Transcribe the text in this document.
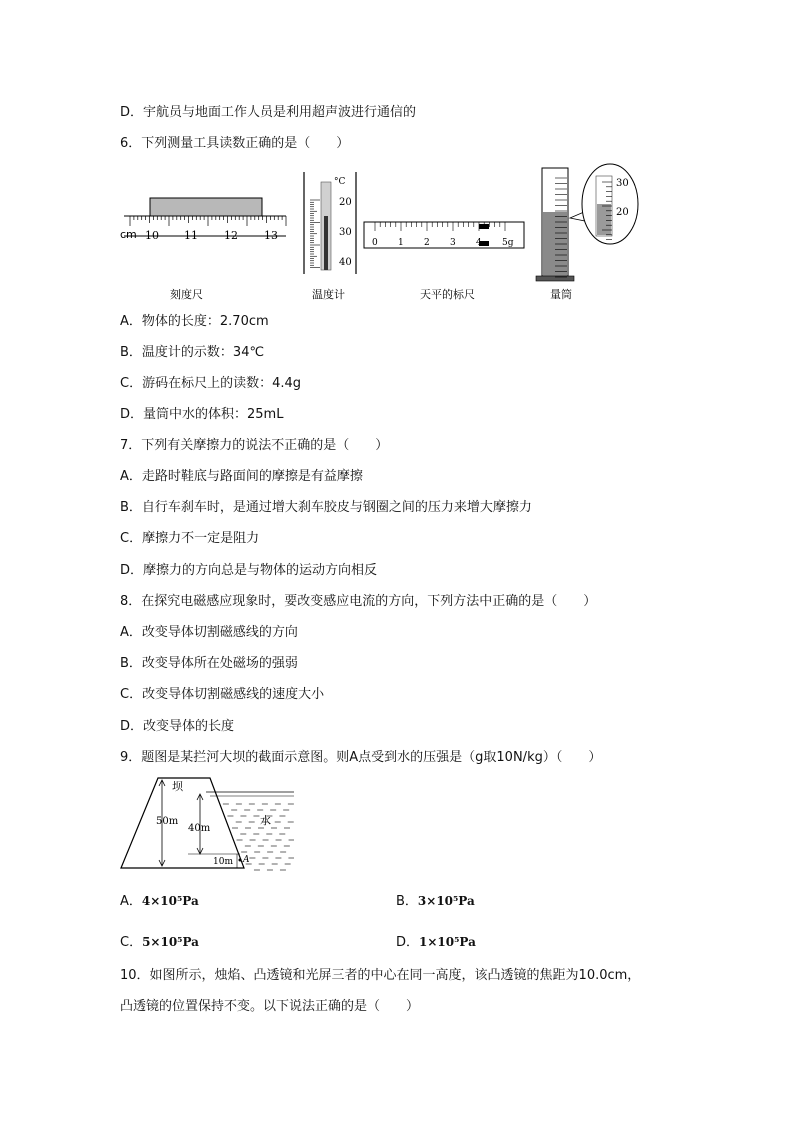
D．宇航员与地面工作人员是利用超声波进行通信的
6．下列测量工具读数正确的是（　　）
cm 10 11 12 13
刻度尺
°C
20
30
40
温度计
0 1 2 3 4 5g
天平的标尺
30
20
量筒
A．物体的长度：2.70cm
B．温度计的示数：34℃
C．游码在标尺上的读数：4.4g
D．量筒中水的体积：25mL
7．下列有关摩擦力的说法不正确的是（　　）
A．走路时鞋底与路面间的摩擦是有益摩擦
B．自行车刹车时，是通过增大刹车胶皮与钢圈之间的压力来增大摩擦力
C．摩擦力不一定是阻力
D．摩擦力的方向总是与物体的运动方向相反
8．在探究电磁感应现象时，要改变感应电流的方向，下列方法中正确的是（　　）
A．改变导体切割磁感线的方向
B．改变导体所在处磁场的强弱
C．改变导体切割磁感线的速度大小
D．改变导体的长度
9．题图是某拦河大坝的截面示意图。则A点受到水的压强是（g取10N/kg）（　　）
坝
水
50m
40m
10m A
A．4×10⁵Pa	B．3×10⁵Pa
C．5×10⁵Pa	D．1×10⁵Pa
10．如图所示，烛焰、凸透镜和光屏三者的中心在同一高度，该凸透镜的焦距为10.0cm，
凸透镜的位置保持不变。以下说法正确的是（　　）
